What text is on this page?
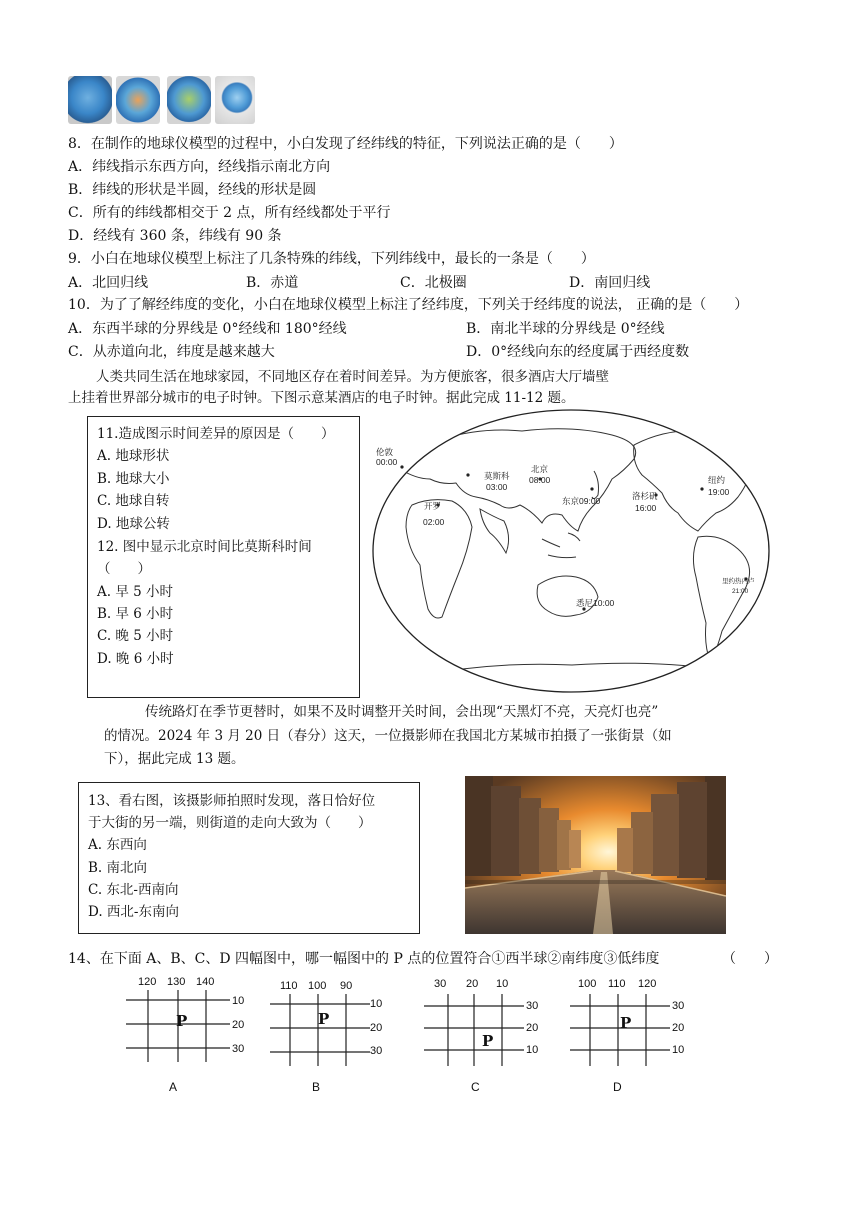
8．在制作的地球仪模型的过程中，小白发现了经纬线的特征，下列说法正确的是（　　）
A．纬线指示东西方向，经线指示南北方向
B．纬线的形状是半圆，经线的形状是圆
C．所有的纬线都相交于 2 点，所有经线都处于平行
D．经线有 360 条，纬线有 90 条
9．小白在地球仪模型上标注了几条特殊的纬线，下列纬线中，最长的一条是（　　）
A．北回归线	B．赤道	C．北极圈	D．南回归线
10．为了了解经纬度的变化，小白在地球仪模型上标注了经纬度，下列关于经纬度的说法， 正确的是（　　）
A．东西半球的分界线是 0°经线和 180°经线	B．南北半球的分界线是 0°经线
C．从赤道向北，纬度是越来越大	D．0°经线向东的经度属于西经度数
人类共同生活在地球家园，不同地区存在着时间差异。为方便旅客，很多酒店大厅墙壁
上挂着世界部分城市的电子时钟。下图示意某酒店的电子时钟。据此完成 11-12 题。
11.造成图示时间差异的原因是（　　）
A. 地球形状
B. 地球大小
C. 地球自转
D. 地球公转
12. 图中显示北京时间比莫斯科时间
（　　）
A. 早 5 小时
B. 早 6 小时
C. 晚 5 小时
D. 晚 6 小时
伦敦
00:00
莫斯科
03:00
北京
08:00
东京09:00
开罗
02:00
洛杉矶
16:00
纽约
19:00
里约热内卢
21:00
悉尼10:00
传统路灯在季节更替时，如果不及时调整开关时间，会出现“天黑灯不亮，天亮灯也亮”
的情况。2024 年 3 月 20 日（春分）这天，一位摄影师在我国北方某城市拍摄了一张街景（如
下），据此完成 13 题。
13、看右图，该摄影师拍照时发现，落日恰好位
于大街的另一端，则街道的走向大致为（　　）
A. 东西向
B. 南北向
C. 东北-西南向
D. 西北-东南向
14、在下面 A、B、C、D 四幅图中，哪一幅图中的 P 点的位置符合①西半球②南纬度③低纬度	（　　）
120 130 140
10
20
30
P
A
110 100 90
10
20
30
P
B
30 20 10
30
20
10
P
C
100 110 120
30
20
10
P
D
